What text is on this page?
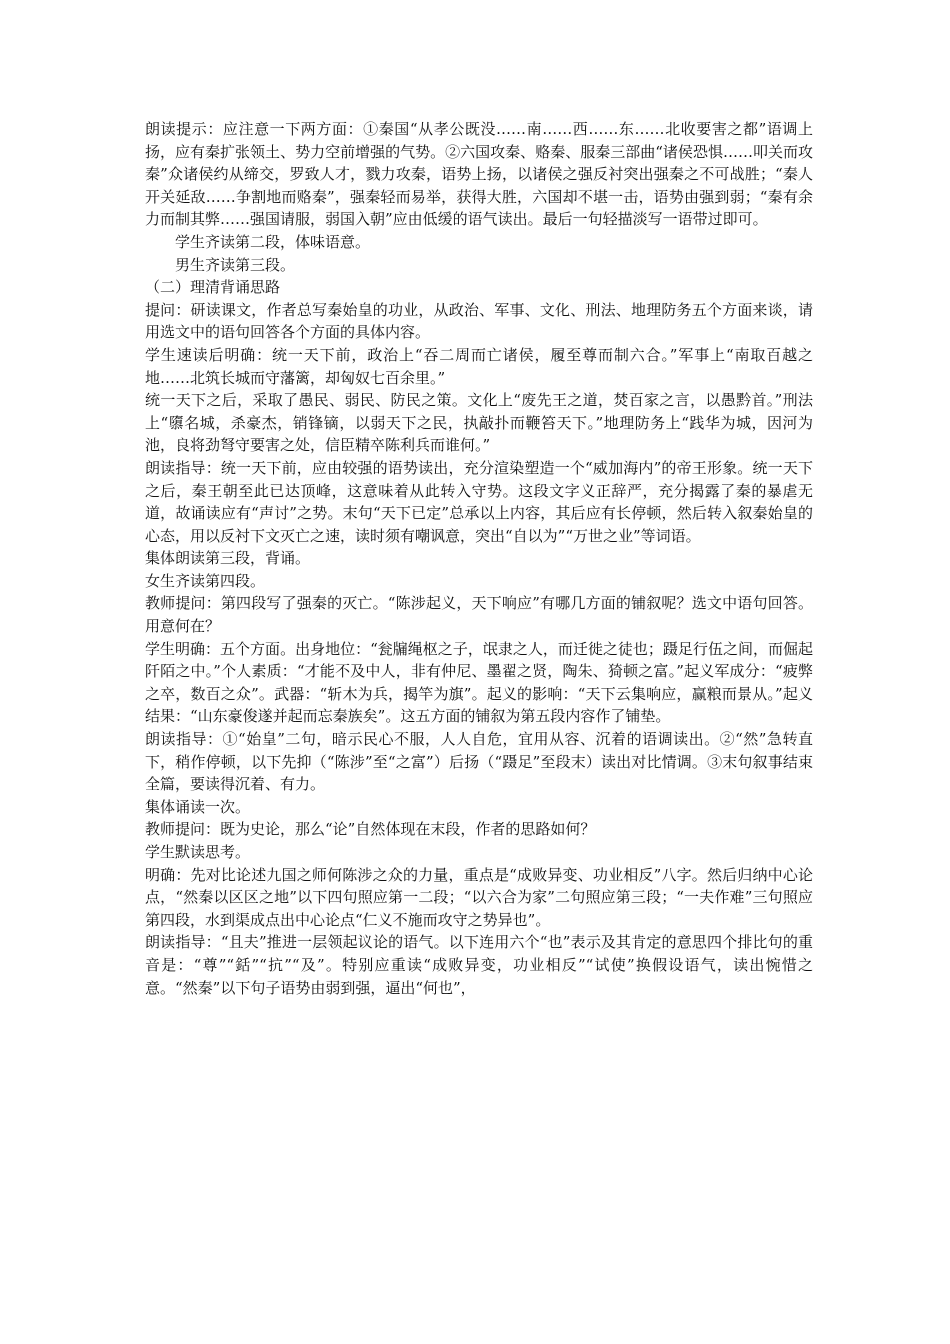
朗读提示：应注意一下两方面：①秦国“从孝公既没……南……西……东……北收要害之都”语调上扬，应有秦扩张领土、势力空前增强的气势。②六国攻秦、赂秦、服秦三部曲“诸侯恐惧……叩关而攻秦”众诸侯约从缔交，罗致人才，戮力攻秦，语势上扬，以诸侯之强反衬突出强秦之不可战胜；“秦人开关延敌……争割地而赂秦”，强秦轻而易举，获得大胜，六国却不堪一击，语势由强到弱；“秦有余力而制其弊……强国请服，弱国入朝”应由低缓的语气读出。最后一句轻描淡写一语带过即可。

学生齐读第二段，体味语意。

男生齐读第三段。

（二）理清背诵思路

提问：研读课文，作者总写秦始皇的功业，从政治、军事、文化、刑法、地理防务五个方面来谈，请用选文中的语句回答各个方面的具体内容。

学生速读后明确：统一天下前，政治上“吞二周而亡诸侯，履至尊而制六合。”军事上“南取百越之地……北筑长城而守藩篱，却匈奴七百余里。”

统一天下之后，采取了愚民、弱民、防民之策。文化上“废先王之道，焚百家之言，以愚黔首。”刑法上“隳名城，杀豪杰，销锋镝，以弱天下之民，执敲扑而鞭笞天下。”地理防务上“践华为城，因河为池，良将劲弩守要害之处，信臣精卒陈利兵而谁何。”

朗读指导：统一天下前，应由较强的语势读出，充分渲染塑造一个“威加海内”的帝王形象。统一天下之后，秦王朝至此已达顶峰，这意味着从此转入守势。这段文字义正辞严，充分揭露了秦的暴虐无道，故诵读应有“声讨”之势。末句“天下已定”总承以上内容，其后应有长停顿，然后转入叙秦始皇的心态，用以反衬下文灭亡之速，读时须有嘲讽意，突出“自以为”“万世之业”等词语。

集体朗读第三段，背诵。

女生齐读第四段。

教师提问：第四段写了强秦的灭亡。“陈涉起义，天下响应”有哪几方面的铺叙呢？选文中语句回答。用意何在？

学生明确：五个方面。出身地位：“瓮牖绳枢之子，氓隶之人，而迁徙之徒也；蹑足行伍之间，而倔起阡陌之中。”个人素质：“才能不及中人，非有仲尼、墨翟之贤，陶朱、猗顿之富。”起义军成分：“疲弊之卒，数百之众”。武器：“斩木为兵，揭竿为旗”。起义的影响：“天下云集响应，赢粮而景从。”起义结果：“山东豪俊遂并起而忘秦族矣”。这五方面的铺叙为第五段内容作了铺垫。

朗读指导：①“始皇”二句，暗示民心不服，人人自危，宜用从容、沉着的语调读出。②“然”急转直下，稍作停顿，以下先抑（“陈涉”至“之富”）后扬（“蹑足”至段末）读出对比情调。③末句叙事结束全篇，要读得沉着、有力。

集体诵读一次。

教师提问：既为史论，那么“论”自然体现在末段，作者的思路如何？

学生默读思考。

明确：先对比论述九国之师何陈涉之众的力量，重点是“成败异变、功业相反”八字。然后归纳中心论点，“然秦以区区之地”以下四句照应第一二段；“以六合为家”二句照应第三段；“一夫作难”三句照应第四段，水到渠成点出中心论点“仁义不施而攻守之势异也”。

朗读指导：“且夫”推进一层领起议论的语气。以下连用六个“也”表示及其肯定的意思四个排比句的重音是：“尊”“銛”“抗”“及”。特别应重读“成败异变，功业相反”“试使”换假设语气，读出惋惜之意。“然秦”以下句子语势由弱到强，逼出“何也”，
